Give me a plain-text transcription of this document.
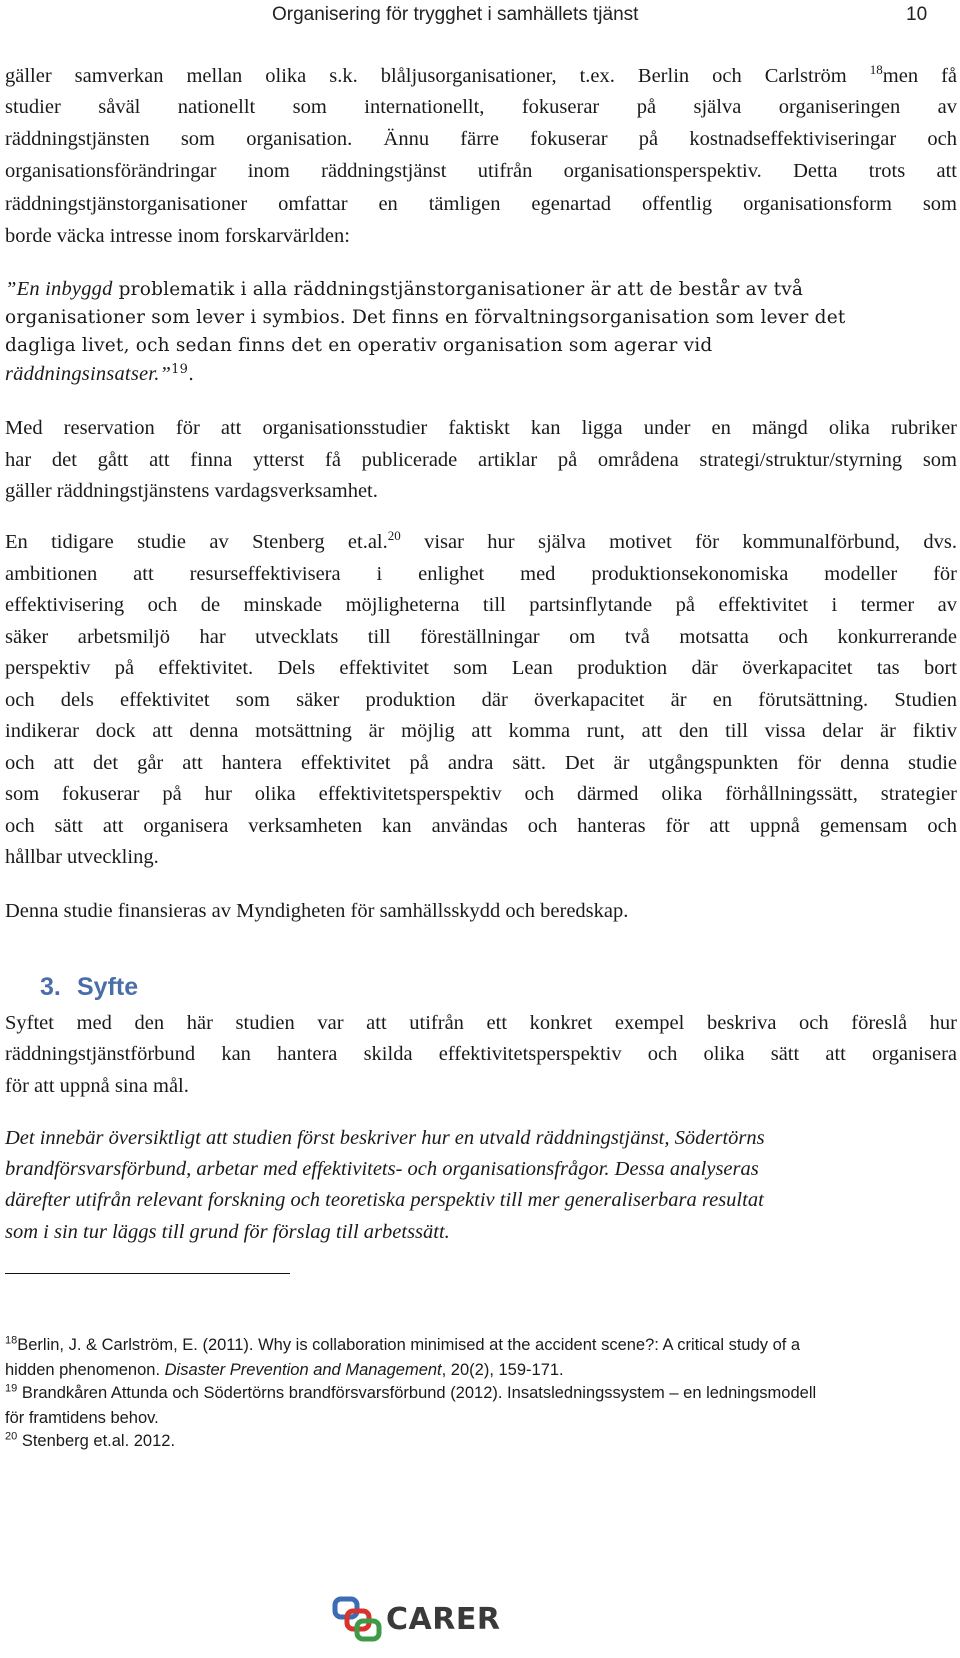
Organisering för trygghet i samhällets tjänst	10
gäller samverkan mellan olika s.k. blåljusorganisationer, t.ex. Berlin och Carlström $^{18}$men få
studier såväl nationellt som internationellt, fokuserar på själva organiseringen av
räddningstjänsten som organisation. Ännu färre fokuserar på kostnadseffektiviseringar och
organisationsförändringar inom räddningstjänst utifrån organisationsperspektiv. Detta trots att
räddningstjänstorganisationer omfattar en tämligen egenartad offentlig organisationsform som
borde väcka intresse inom forskarvärlden:
”En inbyggd problematik i alla räddningstjänstorganisationer är att de består av två
organisationer som lever i symbios. Det finns en förvaltningsorganisation som lever det
dagliga livet, och sedan finns det en operativ organisation som agerar vid
räddningsinsatser.”$^{19}$.
Med reservation för att organisationsstudier faktiskt kan ligga under en mängd olika rubriker
har det gått att finna ytterst få publicerade artiklar på områdena strategi/struktur/styrning som
gäller räddningstjänstens vardagsverksamhet.
En tidigare studie av Stenberg et.al.$^{20}$ visar hur själva motivet för kommunalförbund, dvs.
ambitionen att resurseffektivisera i enlighet med produktionsekonomiska modeller för
effektivisering och de minskade möjligheterna till partsinflytande på effektivitet i termer av
säker arbetsmiljö har utvecklats till föreställningar om två motsatta och konkurrerande
perspektiv på effektivitet. Dels effektivitet som Lean produktion där överkapacitet tas bort
och dels effektivitet som säker produktion där överkapacitet är en förutsättning. Studien
indikerar dock att denna motsättning är möjlig att komma runt, att den till vissa delar är fiktiv
och att det går att hantera effektivitet på andra sätt. Det är utgångspunkten för denna studie
som fokuserar på hur olika effektivitetsperspektiv och därmed olika förhållningssätt, strategier
och sätt att organisera verksamheten kan användas och hanteras för att uppnå gemensam och
hållbar utveckling.
Denna studie finansieras av Myndigheten för samhällsskydd och beredskap.
3. Syfte
Syftet med den här studien var att utifrån ett konkret exempel beskriva och föreslå hur
räddningstjänstförbund kan hantera skilda effektivitetsperspektiv och olika sätt att organisera
för att uppnå sina mål.
Det innebär översiktligt att studien först beskriver hur en utvald räddningstjänst, Södertörns
brandförsvarsförbund, arbetar med effektivitets- och organisationsfrågor. Dessa analyseras
därefter utifrån relevant forskning och teoretiska perspektiv till mer generaliserbara resultat
som i sin tur läggs till grund för förslag till arbetssätt.
$^{18}$Berlin, J. & Carlström, E. (2011). Why is collaboration minimised at the accident scene?: A critical study of a
hidden phenomenon. Disaster Prevention and Management, 20(2), 159-171.
$^{19}$ Brandkåren Attunda och Södertörns brandförsvarsförbund (2012). Insatsledningssystem – en ledningsmodell
för framtidens behov.
$^{20}$ Stenberg et.al. 2012.
CARER
